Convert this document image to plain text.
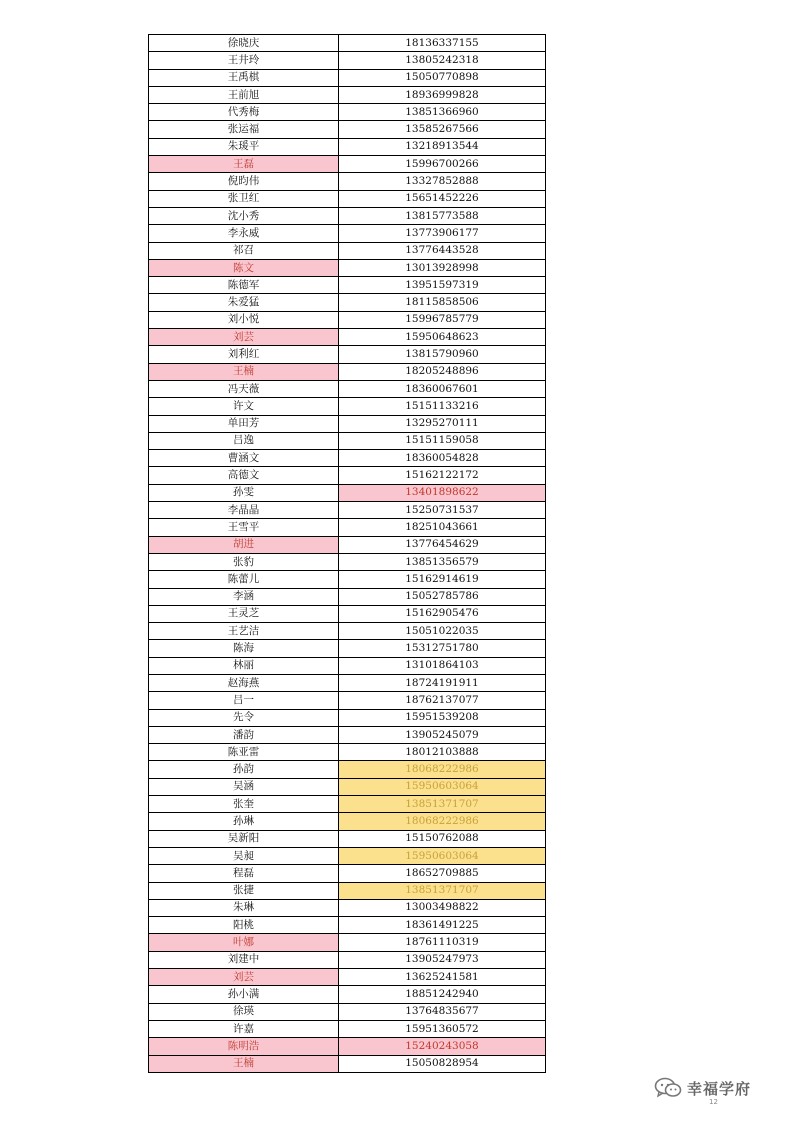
徐晓庆	18136337155
王井玲	13805242318
王禹棋	15050770898
王前旭	18936999828
代秀梅	13851366960
张运福	13585267566
朱瑗平	13218913544
王磊	15996700266
倪昀伟	13327852888
张卫红	15651452226
沈小秀	13815773588
李永威	13773906177
祁召	13776443528
陈文	13013928998
陈德军	13951597319
朱爱猛	18115858506
刘小悦	15996785779
刘芸	15950648623
刘利红	13815790960
王楠	18205248896
冯天薇	18360067601
许文	15151133216
单田芳	13295270111
吕逸	15151159058
曹涵文	18360054828
高德文	15162122172
孙雯	13401898622
李晶晶	15250731537
王雪平	18251043661
胡进	13776454629
张豹	13851356579
陈蕾儿	15162914619
李涵	15052785786
王灵芝	15162905476
王艺洁	15051022035
陈海	15312751780
林丽	13101864103
赵海燕	18724191911
吕一	18762137077
先令	15951539208
潘韵	13905245079
陈亚雷	18012103888
孙韵	18068222986
吴涵	15950603064
张奎	13851371707
孙琳	18068222986
吴新阳	15150762088
吴昶	15950603064
程磊	18652709885
张捷	13851371707
朱琳	13003498822
阳桃	18361491225
叶娜	18761110319
刘建中	13905247973
刘芸	13625241581
孙小满	18851242940
徐瑛	13764835677
许嘉	15951360572
陈明浩	15240243058
王楠	15050828954
幸福学府
12
